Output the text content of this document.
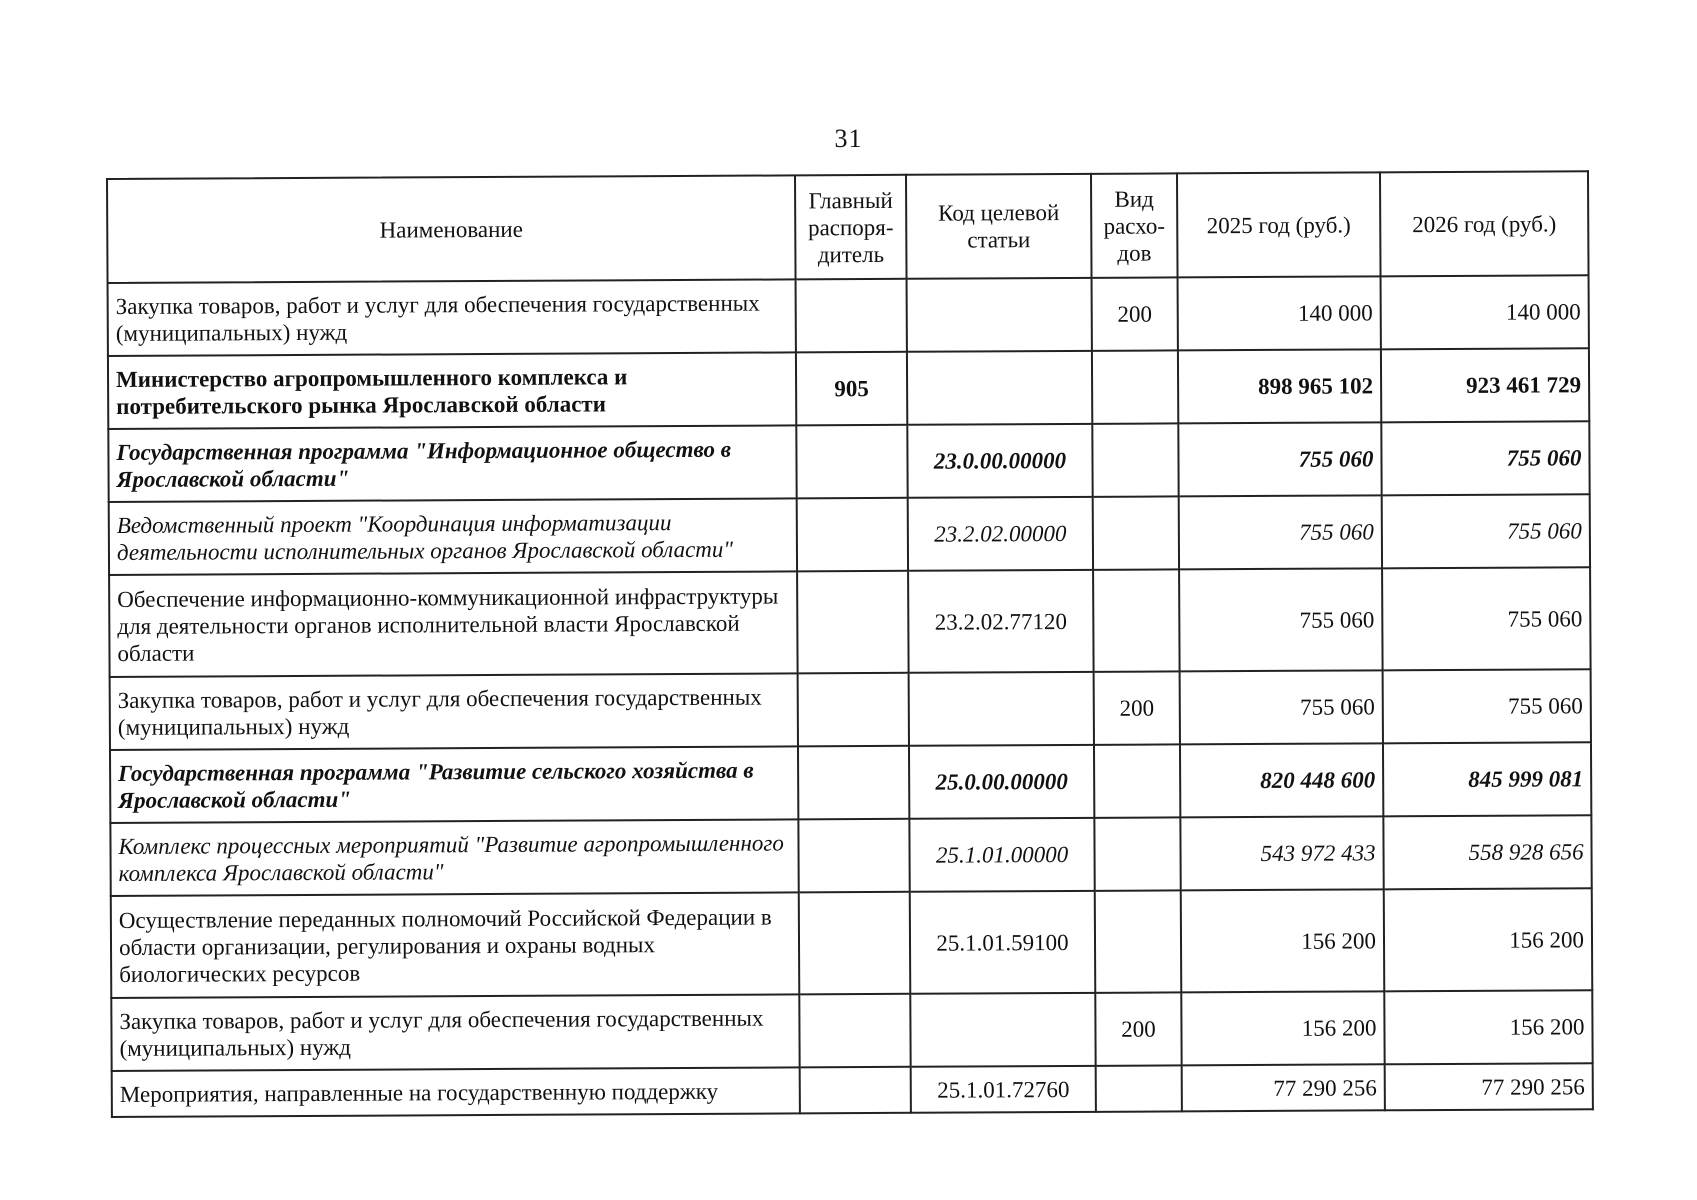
31
Наименование	Главный распоря-дитель	Код целевой статьи	Вид расхо-дов	2025 год (руб.)	2026 год (руб.)
Закупка товаров, работ и услуг для обеспечения государственных (муниципальных) нужд			200	140 000	140 000
Министерство агропромышленного комплекса и потребительского рынка Ярославской области	905			898 965 102	923 461 729
Государственная программа "Информационное общество в Ярославской области"		23.0.00.00000		755 060	755 060
Ведомственный проект "Координация информатизации деятельности исполнительных органов Ярославской области"		23.2.02.00000		755 060	755 060
Обеспечение информационно-коммуникационной инфраструктуры для деятельности органов исполнительной власти Ярославской области		23.2.02.77120		755 060	755 060
Закупка товаров, работ и услуг для обеспечения государственных (муниципальных) нужд			200	755 060	755 060
Государственная программа "Развитие сельского хозяйства в Ярославской области"		25.0.00.00000		820 448 600	845 999 081
Комплекс процессных мероприятий "Развитие агропромышленного комплекса Ярославской области"		25.1.01.00000		543 972 433	558 928 656
Осуществление переданных полномочий Российской Федерации в области организации, регулирования и охраны водных биологических ресурсов		25.1.01.59100		156 200	156 200
Закупка товаров, работ и услуг для обеспечения государственных (муниципальных) нужд			200	156 200	156 200
Мероприятия, направленные на государственную поддержку		25.1.01.72760		77 290 256	77 290 256
